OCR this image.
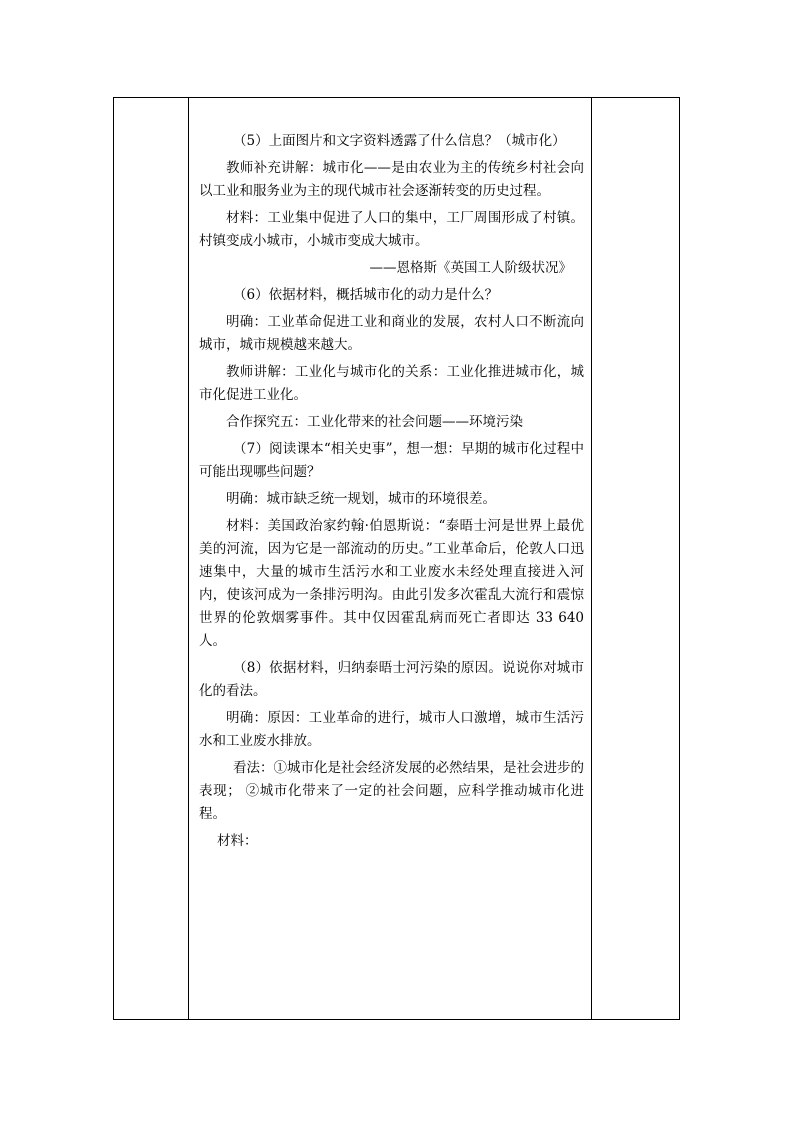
（5）上面图片和文字资料透露了什么信息？（城市化）

教师补充讲解：城市化——是由农业为主的传统乡村社会向以工业和服务业为主的现代城市社会逐渐转变的历史过程。

材料：工业集中促进了人口的集中，工厂周围形成了村镇。村镇变成小城市，小城市变成大城市。

——恩格斯《英国工人阶级状况》

（6）依据材料，概括城市化的动力是什么？

明确：工业革命促进工业和商业的发展，农村人口不断流向城市，城市规模越来越大。

教师讲解：工业化与城市化的关系：工业化推进城市化，城市化促进工业化。

合作探究五：工业化带来的社会问题——环境污染

（7）阅读课本“相关史事”，想一想：早期的城市化过程中可能出现哪些问题？

明确：城市缺乏统一规划，城市的环境很差。

材料：美国政治家约翰·伯恩斯说：“泰晤士河是世界上最优美的河流，因为它是一部流动的历史。”工业革命后，伦敦人口迅速集中，大量的城市生活污水和工业废水未经处理直接进入河内，使该河成为一条排污明沟。由此引发多次霍乱大流行和震惊世界的伦敦烟雾事件。其中仅因霍乱病而死亡者即达 33 640 人。

（8）依据材料，归纳泰晤士河污染的原因。说说你对城市化的看法。

明确：原因：工业革命的进行，城市人口激增，城市生活污水和工业废水排放。

看法：①城市化是社会经济发展的必然结果，是社会进步的表现； ②城市化带来了一定的社会问题，应科学推动城市化进程。

材料：
